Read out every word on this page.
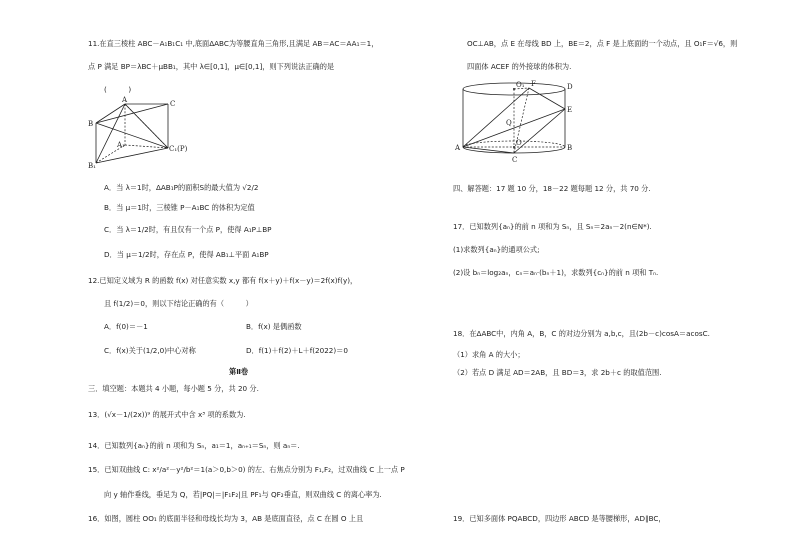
11.在直三棱柱 ABC－A₁B₁C₁ 中,底面ΔABC为等腰直角三角形,且满足 AB＝AC＝AA₁＝1，
点 P 满足 BP＝λBC＋μBB₁，其中 λ∈[0,1]，μ∈[0,1]，则下列说法正确的是
(　　　)
A	C
B
A₁
B₁
C₁(P)
A．当 λ＝1时，ΔAB₁P的面积S的最大值为 √2/2
B．当 μ＝1时，三棱锥 P－A₁BC 的体积为定值
C．当 λ＝1/2时，有且仅有一个点 P，使得 A₁P⊥BP
D．当 μ＝1/2时，存在点 P，使得 AB₁⊥平面 A₁BP
12.已知定义域为 R 的函数 f(x) 对任意实数 x,y 都有 f(x＋y)＋f(x－y)＝2f(x)f(y)，
且 f(1/2)＝0，则以下结论正确的有（　　　）
A．f(0)＝－1	B．f(x) 是偶函数
C．f(x)关于(1/2,0)中心对称	D．f(1)＋f(2)＋L＋f(2022)＝0
第Ⅱ卷
三．填空题：本题共 4 小题，每小题 5 分，共 20 分.
13．(√x－1/(2x))⁹ 的展开式中含 x³ 项的系数为.
14．已知数列{aₙ}的前 n 项和为 Sₙ，a₁＝1，aₙ₊₁＝Sₙ，则 aₙ＝.
15．已知双曲线 C: x²/a²－y²/b²＝1(a＞0,b＞0) 的左、右焦点分别为 F₁,F₂，过双曲线 C 上一点 P
向 y 轴作垂线，垂足为 Q，若|PQ|＝|F₁F₂|且 PF₁与 QF₂垂直，则双曲线 C 的离心率为.
16．如图，圆柱 OO₁ 的底面半径和母线长均为 3，AB 是底面直径，点 C 在圆 O 上且
OC⊥AB，点 E 在母线 BD 上，BE＝2，点 F 是上底面的一个动点，且 O₁F＝√6，则
四面体 ACEF 的外接球的体积为.
O₁ F	D
E
Q
O
A	B
C
四、解答题：17 题 10 分，18－22 题每题 12 分，共 70 分.
17．已知数列{aₙ}的前 n 项和为 Sₙ，且 Sₙ＝2aₙ－2(n∈N*).
(1)求数列{aₙ}的通项公式;
(2)设 bₙ＝log₂aₙ，cₙ＝aₙ·(bₙ＋1)，求数列{cₙ}的前 n 项和 Tₙ.
18．在ΔABC中，内角 A，B，C 的对边分别为 a,b,c，且(2b－c)cosA＝acosC.
（1）求角 A 的大小；
（2）若点 D 满足 AD＝2AB，且 BD＝3，求 2b＋c 的取值范围.
19．已知多面体 PQABCD，四边形 ABCD 是等腰梯形，AD∥BC，
